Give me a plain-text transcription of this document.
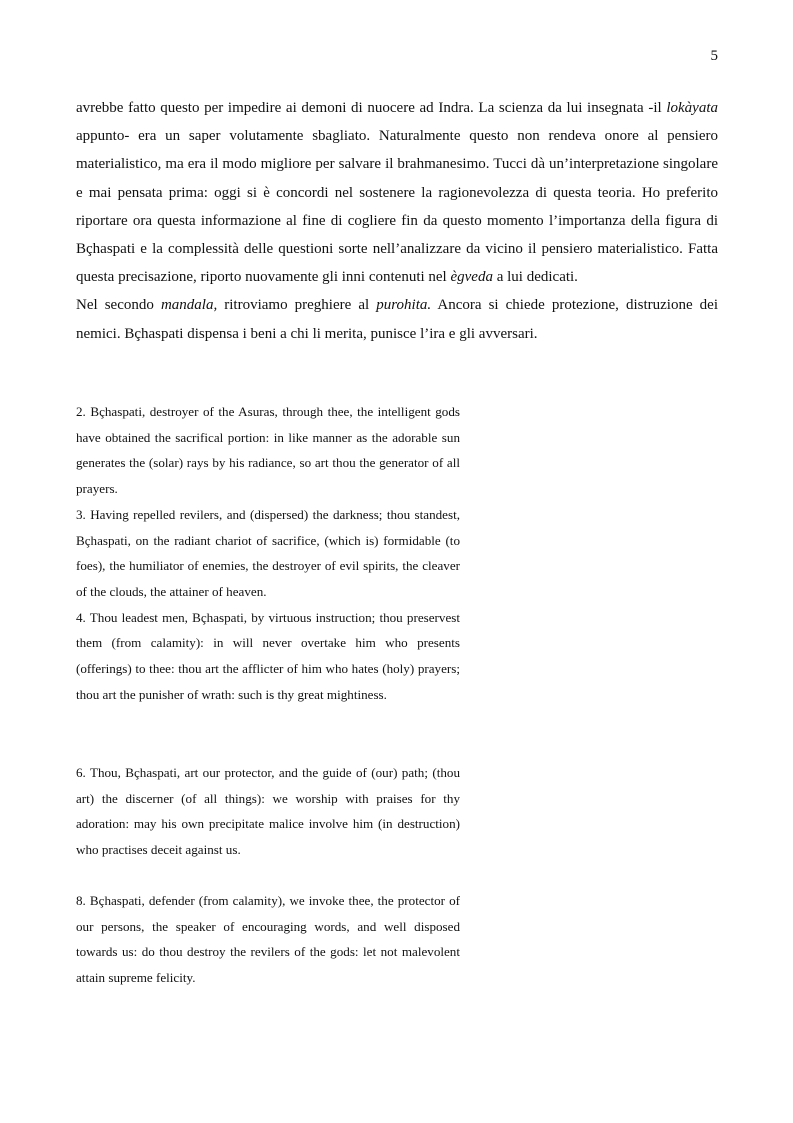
5

avrebbe fatto questo per impedire ai demoni di nuocere ad Indra. La scienza da lui insegnata -il lokàyata appunto- era un saper volutamente sbagliato. Naturalmente questo non rendeva onore al pensiero materialistico, ma era il modo migliore per salvare il brahmanesimo. Tucci dà un’interpretazione singolare e mai pensata prima: oggi si è concordi nel sostenere la ragionevolezza di questa teoria. Ho preferito riportare ora questa informazione al fine di cogliere fin da questo momento l’importanza della figura di Bçhaspati e la complessità delle questioni sorte nell’analizzare da vicino il pensiero materialistico. Fatta questa precisazione, riporto nuovamente gli inni contenuti nel ègveda a lui dedicati.

Nel secondo mandala, ritroviamo preghiere al purohita. Ancora si chiede protezione, distruzione dei nemici. Bçhaspati dispensa i beni a chi li merita, punisce l’ira e gli avversari.

2. Bçhaspati, destroyer of the Asuras, through thee, the intelligent gods have obtained the sacrifical portion: in like manner as the adorable sun generates the (solar) rays by his radiance, so art thou the generator of all prayers.

3. Having repelled revilers, and (dispersed) the darkness; thou standest, Bçhaspati, on the radiant chariot of sacrifice, (which is) formidable (to foes), the humiliator of enemies, the destroyer of evil spirits, the cleaver of the clouds, the attainer of heaven.

4. Thou leadest men, Bçhaspati, by virtuous instruction; thou preservest them (from calamity): in will never overtake him who presents (offerings) to thee: thou art the afflicter of him who hates (holy) prayers; thou art the punisher of wrath: such is thy great mightiness.

6. Thou, Bçhaspati, art our protector, and the guide of (our) path; (thou art) the discerner (of all things): we worship with praises for thy adoration: may his own precipitate malice involve him (in destruction) who practises deceit against us.

8. Bçhaspati, defender (from calamity), we invoke thee, the protector of our persons, the speaker of encouraging words, and well disposed towards us: do thou destroy the revilers of the gods: let not malevolent attain supreme felicity.
